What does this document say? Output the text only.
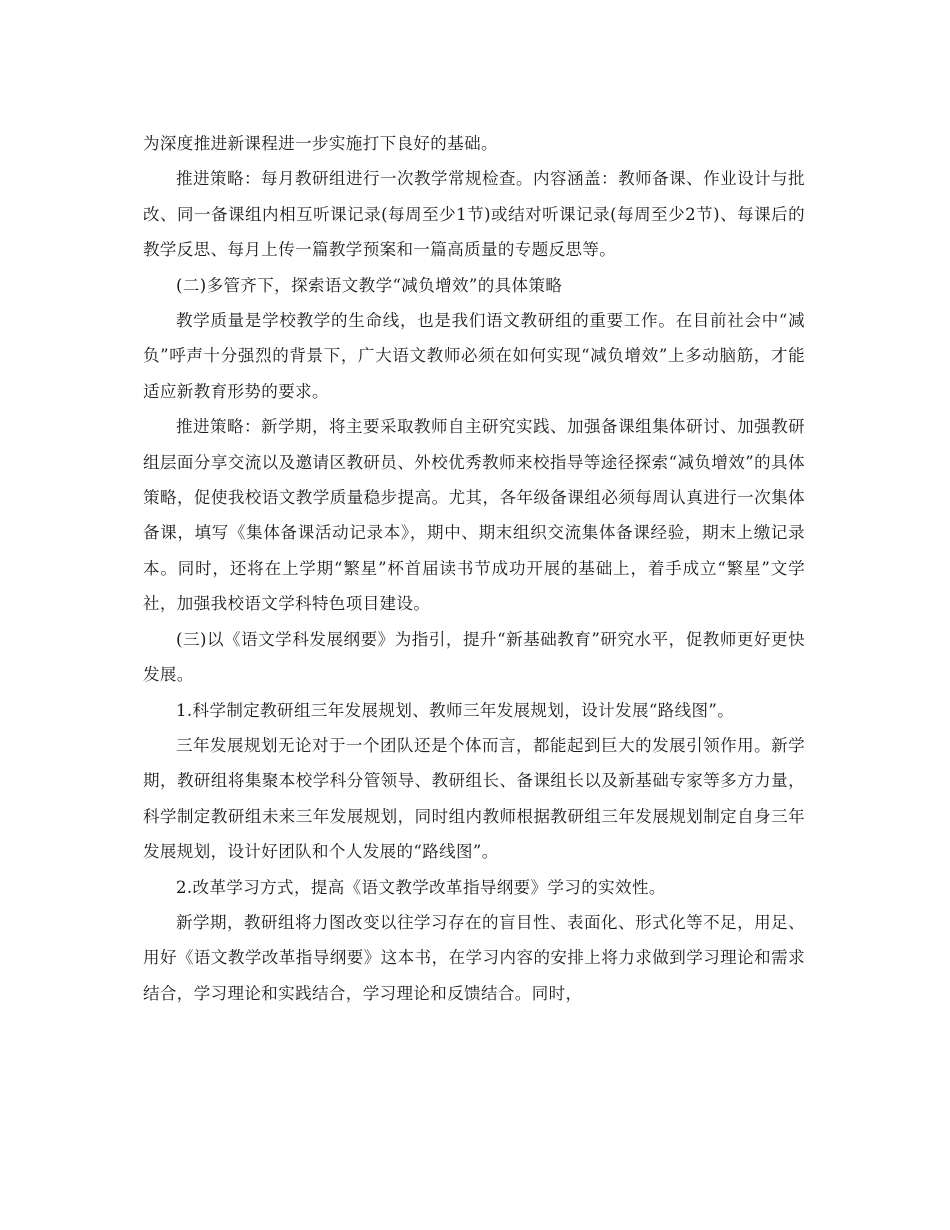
为深度推进新课程进一步实施打下良好的基础。

推进策略：每月教研组进行一次教学常规检查。内容涵盖：教师备课、作业设计与批改、同一备课组内相互听课记录(每周至少1节)或结对听课记录(每周至少2节)、每课后的教学反思、每月上传一篇教学预案和一篇高质量的专题反思等。

(二)多管齐下，探索语文教学“减负增效”的具体策略

教学质量是学校教学的生命线，也是我们语文教研组的重要工作。在目前社会中“减负”呼声十分强烈的背景下，广大语文教师必须在如何实现“减负增效”上多动脑筋，才能适应新教育形势的要求。

推进策略：新学期，将主要采取教师自主研究实践、加强备课组集体研讨、加强教研组层面分享交流以及邀请区教研员、外校优秀教师来校指导等途径探索“减负增效”的具体策略，促使我校语文教学质量稳步提高。尤其，各年级备课组必须每周认真进行一次集体备课，填写《集体备课活动记录本》，期中、期末组织交流集体备课经验，期末上缴记录本。同时，还将在上学期“繁星”杯首届读书节成功开展的基础上，着手成立“繁星”文学社，加强我校语文学科特色项目建设。

(三)以《语文学科发展纲要》为指引，提升“新基础教育”研究水平，促教师更好更快发展。

1.科学制定教研组三年发展规划、教师三年发展规划，设计发展“路线图”。

三年发展规划无论对于一个团队还是个体而言，都能起到巨大的发展引领作用。新学期，教研组将集聚本校学科分管领导、教研组长、备课组长以及新基础专家等多方力量，科学制定教研组未来三年发展规划，同时组内教师根据教研组三年发展规划制定自身三年发展规划，设计好团队和个人发展的“路线图”。

2.改革学习方式，提高《语文教学改革指导纲要》学习的实效性。

新学期，教研组将力图改变以往学习存在的盲目性、表面化、形式化等不足，用足、用好《语文教学改革指导纲要》这本书，在学习内容的安排上将力求做到学习理论和需求结合，学习理论和实践结合，学习理论和反馈结合。同时，
